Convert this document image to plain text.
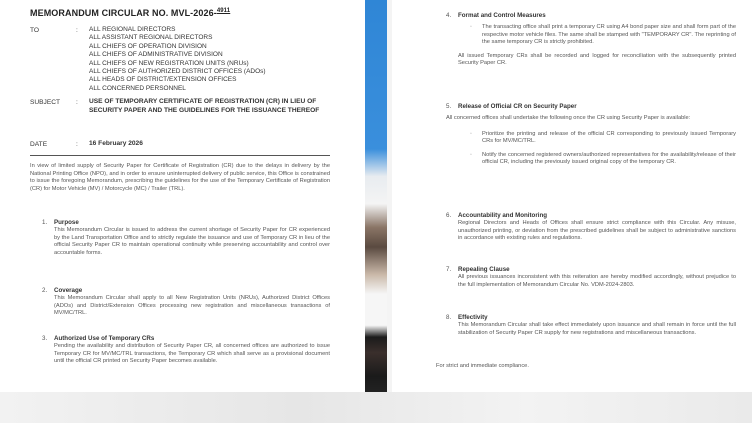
MEMORANDUM CIRCULAR NO. MVL-2026-$^{4911}$
TO	: ALL REGIONAL DIRECTORS
ALL ASSISTANT REGIONAL DIRECTORS
ALL CHIEFS OF OPERATION DIVISION
ALL CHIEFS OF ADMINISTRATIVE DIVISION
ALL CHIEFS OF NEW REGISTRATION UNITS (NRUs)
ALL CHIEFS OF AUTHORIZED DISTRICT OFFICES (ADOs)
ALL HEADS OF DISTRICT/EXTENSION OFFICES
ALL CONCERNED PERSONNEL
SUBJECT : USE OF TEMPORARY CERTIFICATE OF REGISTRATION (CR) IN LIEU OF SECURITY PAPER AND THE GUIDELINES FOR THE ISSUANCE THEREOF
DATE	: 16 February 2026
In view of limited supply of Security Paper for Certificate of Registration (CR) due to the delays in delivery by the National Printing Office (NPO), and in order to ensure uninterrupted delivery of public service, this Office is constrained to issue the foregoing Memorandum, prescribing the guidelines for the use of the Temporary Certificate of Registration (CR) for Motor Vehicle (MV) / Motorcycle (MC) / Trailer (TRL).
1. Purpose
This Memorandum Circular is issued to address the current shortage of Security Paper for CR experienced by the Land Transportation Office and to strictly regulate the issuance and use of Temporary CR in lieu of the official Security Paper CR to maintain operational continuity while preserving accountability and control over accountable forms.
2. Coverage
This Memorandum Circular shall apply to all New Registration Units (NRUs), Authorized District Offices (ADOs) and District/Extension Offices processing new registration and miscellaneous transactions of MV/MC/TRL.
3. Authorized Use of Temporary CRs
Pending the availability and distribution of Security Paper CR, all concerned offices are authorized to issue Temporary CR for MV/MC/TRL transactions, the Temporary CR which shall serve as a provisional document until the official CR printed on Security Paper becomes available.
4. Format and Control Measures
▫ The transacting office shall print a temporary CR using A4 bond paper size and shall form part of the respective motor vehicle files. The same shall be stamped with "TEMPORARY CR". The reprinting of the same temporary CR is strictly prohibited.
All issued Temporary CRs shall be recorded and logged for reconciliation with the subsequently printed Security Paper CR.
5. Release of Official CR on Security Paper
All concerned offices shall undertake the following once the CR using Security Paper is available:
▫ Prioritize the printing and release of the official CR corresponding to previously issued Temporary CRs for MV/MC/TRL.
▫ Notify the concerned registered owners/authorized representatives for the availability/release of their official CR, including the previously issued original copy of the temporary CR.
6. Accountability and Monitoring
Regional Directors and Heads of Offices shall ensure strict compliance with this Circular. Any misuse, unauthorized printing, or deviation from the prescribed guidelines shall be subject to administrative sanctions in accordance with existing rules and regulations.
7. Repealing Clause
All previous issuances inconsistent with this reiteration are hereby modified accordingly, without prejudice to the full implementation of Memorandum Circular No. VDM-2024-2803.
8. Effectivity
This Memorandum Circular shall take effect immediately upon issuance and shall remain in force until the full stabilization of Security Paper CR supply for new registrations and miscellaneous transactions.
For strict and immediate compliance.
